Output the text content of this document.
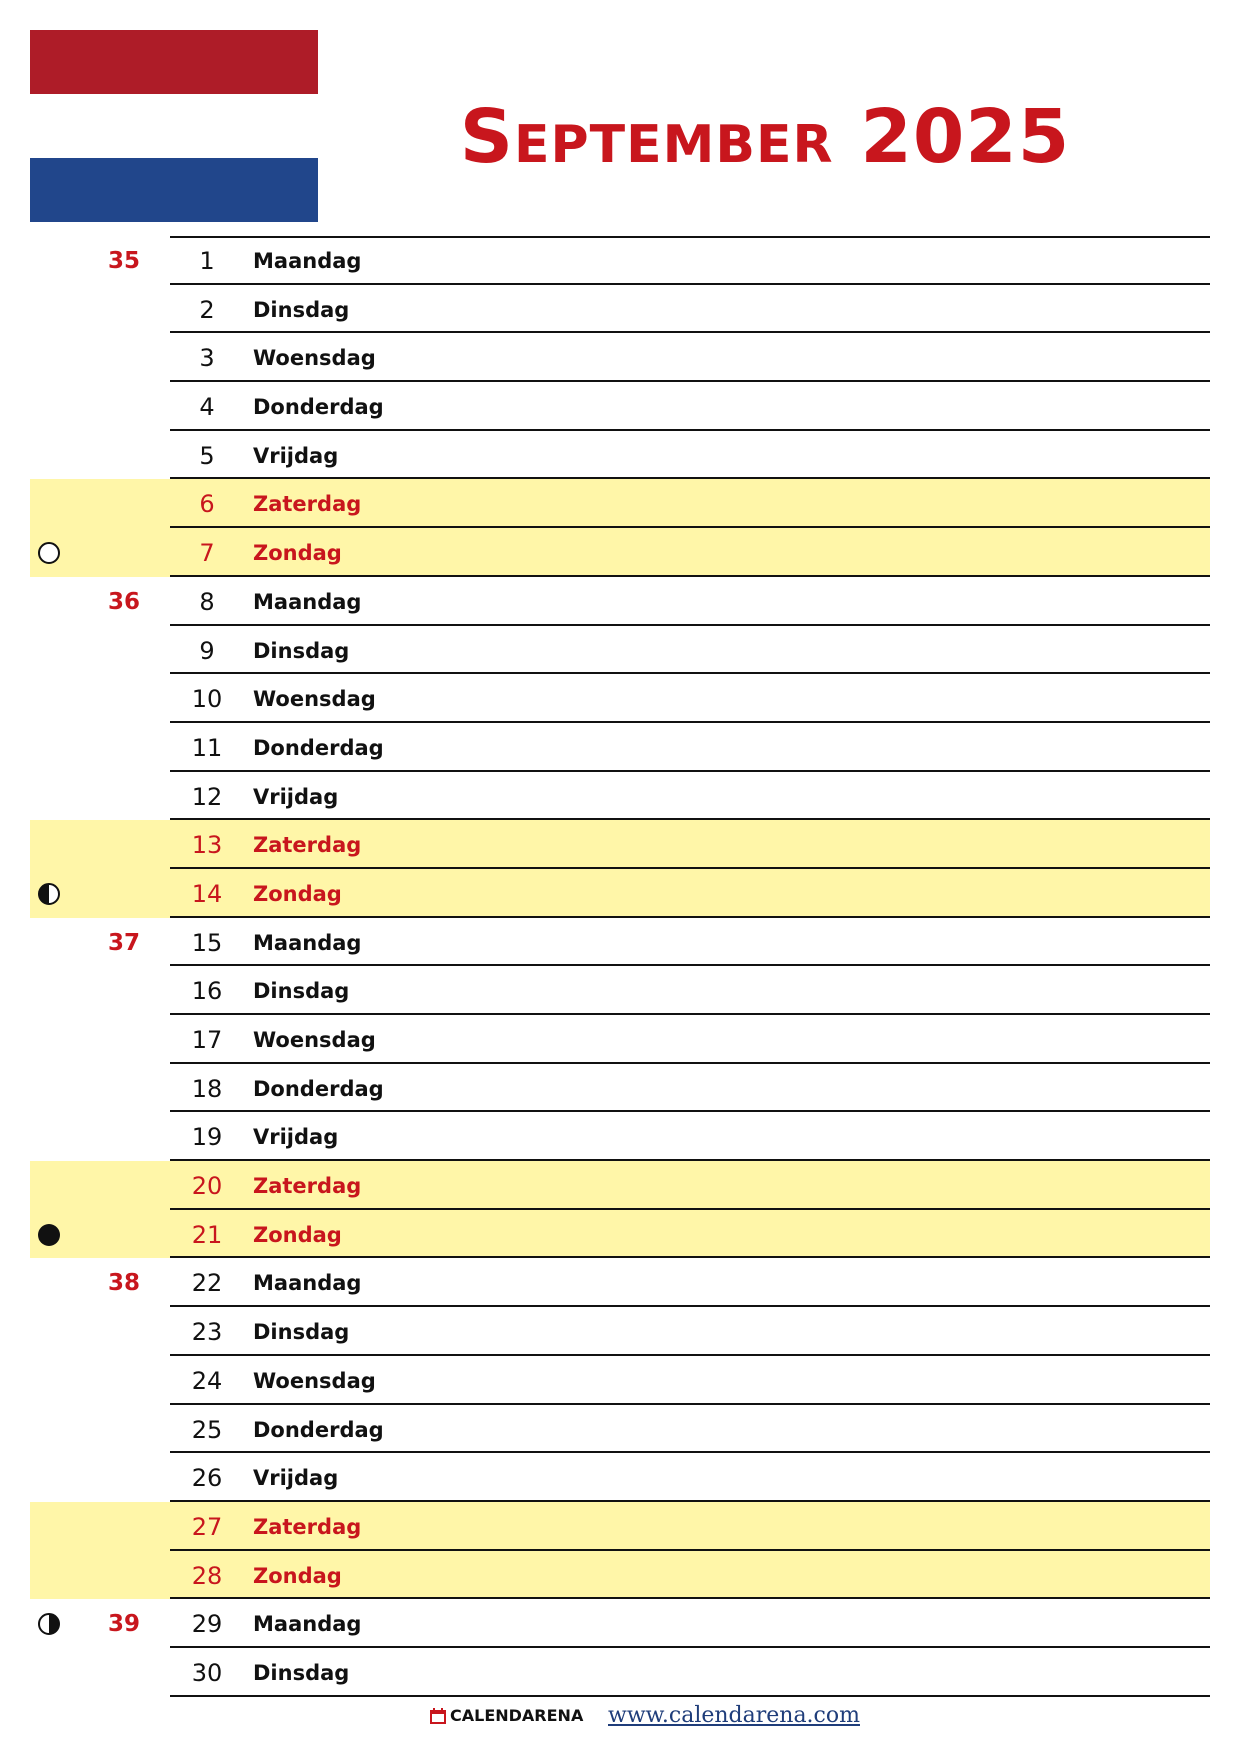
September 2025
35	1	Maandag
2	Dinsdag
3	Woensdag
4	Donderdag
5	Vrijdag
6	Zaterdag
7	Zondag
36	8	Maandag
9	Dinsdag
10	Woensdag
11	Donderdag
12	Vrijdag
13	Zaterdag
14	Zondag
37	15	Maandag
16	Dinsdag
17	Woensdag
18	Donderdag
19	Vrijdag
20	Zaterdag
21	Zondag
38	22	Maandag
23	Dinsdag
24	Woensdag
25	Donderdag
26	Vrijdag
27	Zaterdag
28	Zondag
39	29	Maandag
30	Dinsdag
CALENDARENA www.calendarena.com
